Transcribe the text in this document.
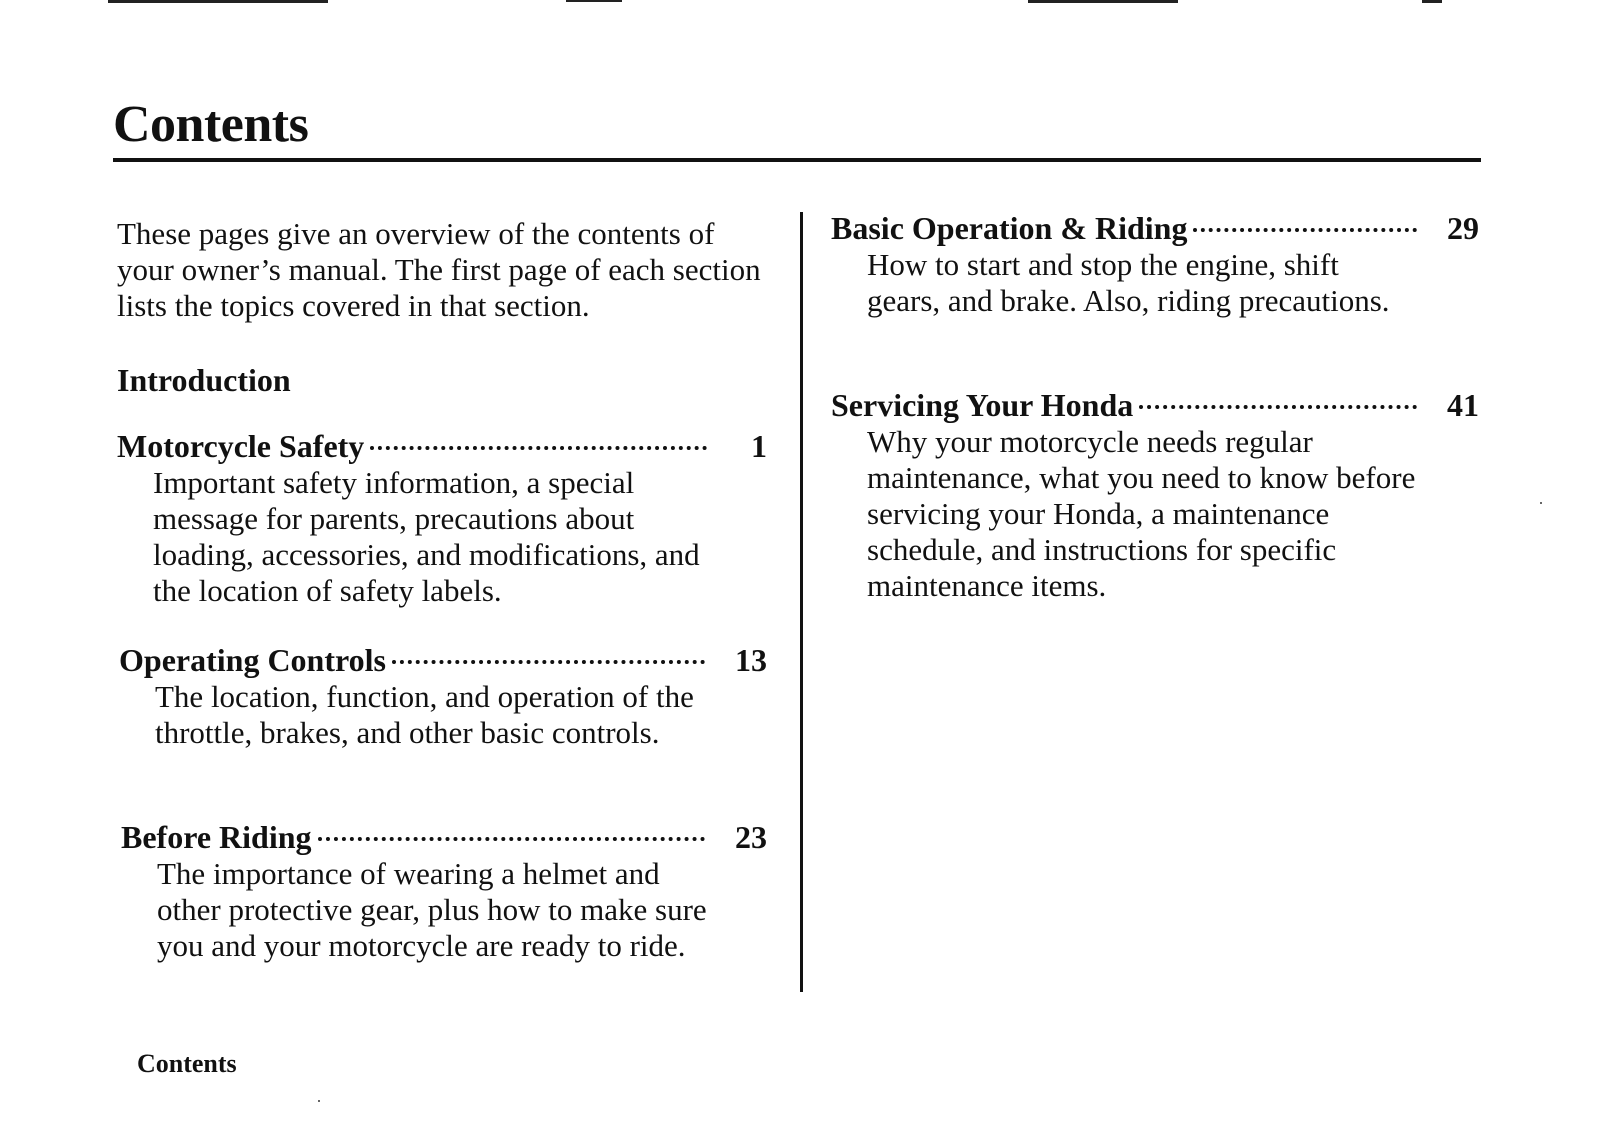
Contents

These pages give an overview of the contents of your owner’s manual. The first page of each section lists the topics covered in that section.

Introduction
Motorcycle Safety	1

Important safety information, a special message for parents, precautions about loading, accessories, and modifications, and the location of safety labels.

Operating Controls	13

The location, function, and operation of the throttle, brakes, and other basic controls.

Before Riding	23

The importance of wearing a helmet and other protective gear, plus how to make sure you and your motorcycle are ready to ride.

Basic Operation & Riding	29

How to start and stop the engine, shift gears, and brake. Also, riding precautions.

Servicing Your Honda	41

Why your motorcycle needs regular maintenance, what you need to know before servicing your Honda, a maintenance schedule, and instructions for specific maintenance items.

Contents
